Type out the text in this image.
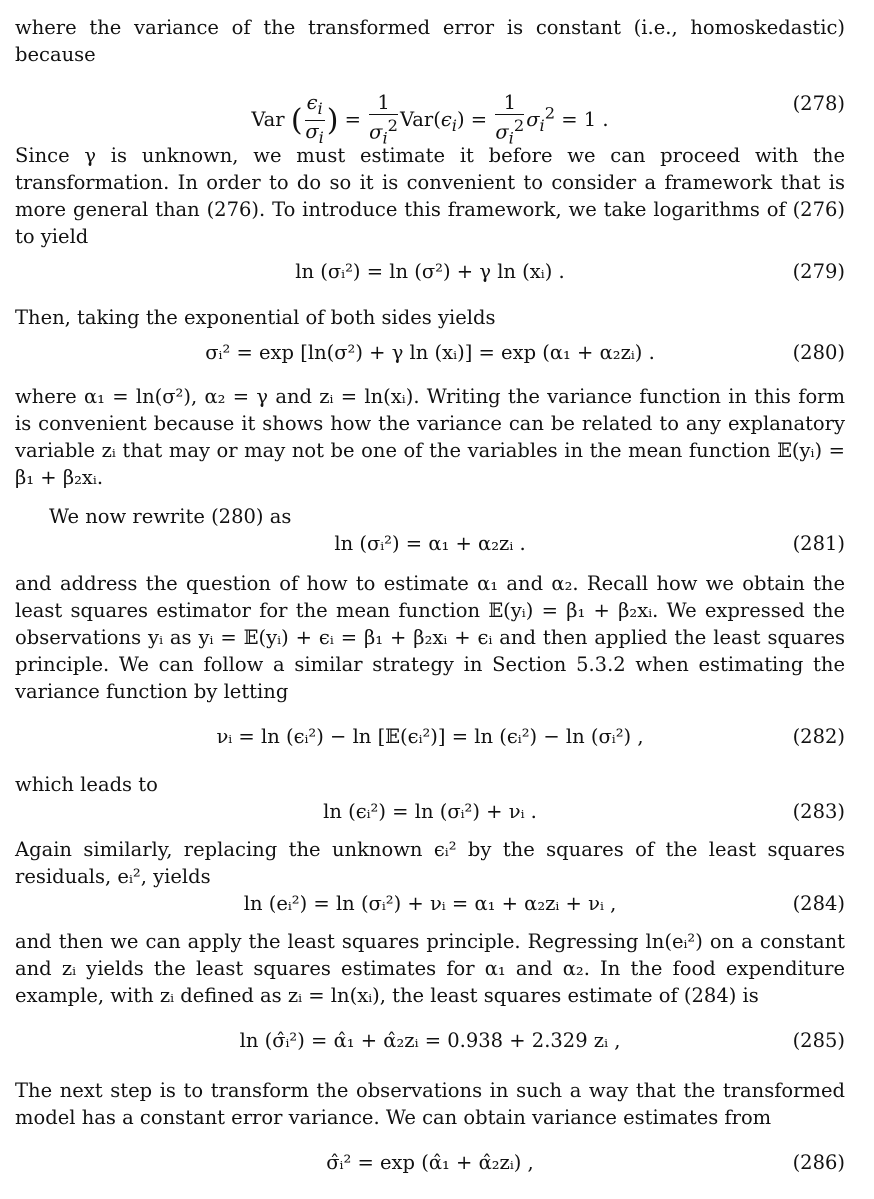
where the variance of the transformed error is constant (i.e., homoskedastic) because

Var ( $\frac{\epsilon_i}{\sigma_i}$ ) = $\frac{1}{\sigma_i^2} Var(\epsilon_i) = \frac{1}{\sigma_i^2} \sigma_i^2 = 1$ .
(278)

Since γ is unknown, we must estimate it before we can proceed with the transformation. In order to do so it is convenient to consider a framework that is more general than (276). To introduce this framework, we take logarithms of (276) to yield

ln (σᵢ²) = ln (σ²) + γ ln (xᵢ) .	(279)

Then, taking the exponential of both sides yields

σᵢ² = exp [ln(σ²) + γ ln (xᵢ)] = exp (α₁ + α₂zᵢ) .	(280)

where α₁ = ln(σ²), α₂ = γ and zᵢ = ln(xᵢ). Writing the variance function in this form is convenient because it shows how the variance can be related to any explanatory variable zᵢ that may or may not be one of the variables in the mean function 𝔼(yᵢ) = β₁ + β₂xᵢ.

We now rewrite (280) as

ln (σᵢ²) = α₁ + α₂zᵢ .	(281)

and address the question of how to estimate α₁ and α₂. Recall how we obtain the least squares estimator for the mean function 𝔼(yᵢ) = β₁ + β₂xᵢ. We expressed the observations yᵢ as yᵢ = 𝔼(yᵢ) + ϵᵢ = β₁ + β₂xᵢ + ϵᵢ and then applied the least squares principle. We can follow a similar strategy in Section 5.3.2 when estimating the variance function by letting

νᵢ = ln (ϵᵢ²) − ln [𝔼(ϵᵢ²)] = ln (ϵᵢ²) − ln (σᵢ²) ,	(282)

which leads to

ln (ϵᵢ²) = ln (σᵢ²) + νᵢ .	(283)

Again similarly, replacing the unknown ϵᵢ² by the squares of the least squares residuals, eᵢ², yields

ln (eᵢ²) = ln (σᵢ²) + νᵢ = α₁ + α₂zᵢ + νᵢ ,	(284)

and then we can apply the least squares principle. Regressing ln(eᵢ²) on a constant and zᵢ yields the least squares estimates for α₁ and α₂. In the food expenditure example, with zᵢ defined as zᵢ = ln(xᵢ), the least squares estimate of (284) is

ln (σ̂ᵢ²) = α̂₁ + α̂₂zᵢ = 0.938 + 2.329 zᵢ ,	(285)

The next step is to transform the observations in such a way that the transformed model has a constant error variance. We can obtain variance estimates from

σ̂ᵢ² = exp (α̂₁ + α̂₂zᵢ) ,	(286)
